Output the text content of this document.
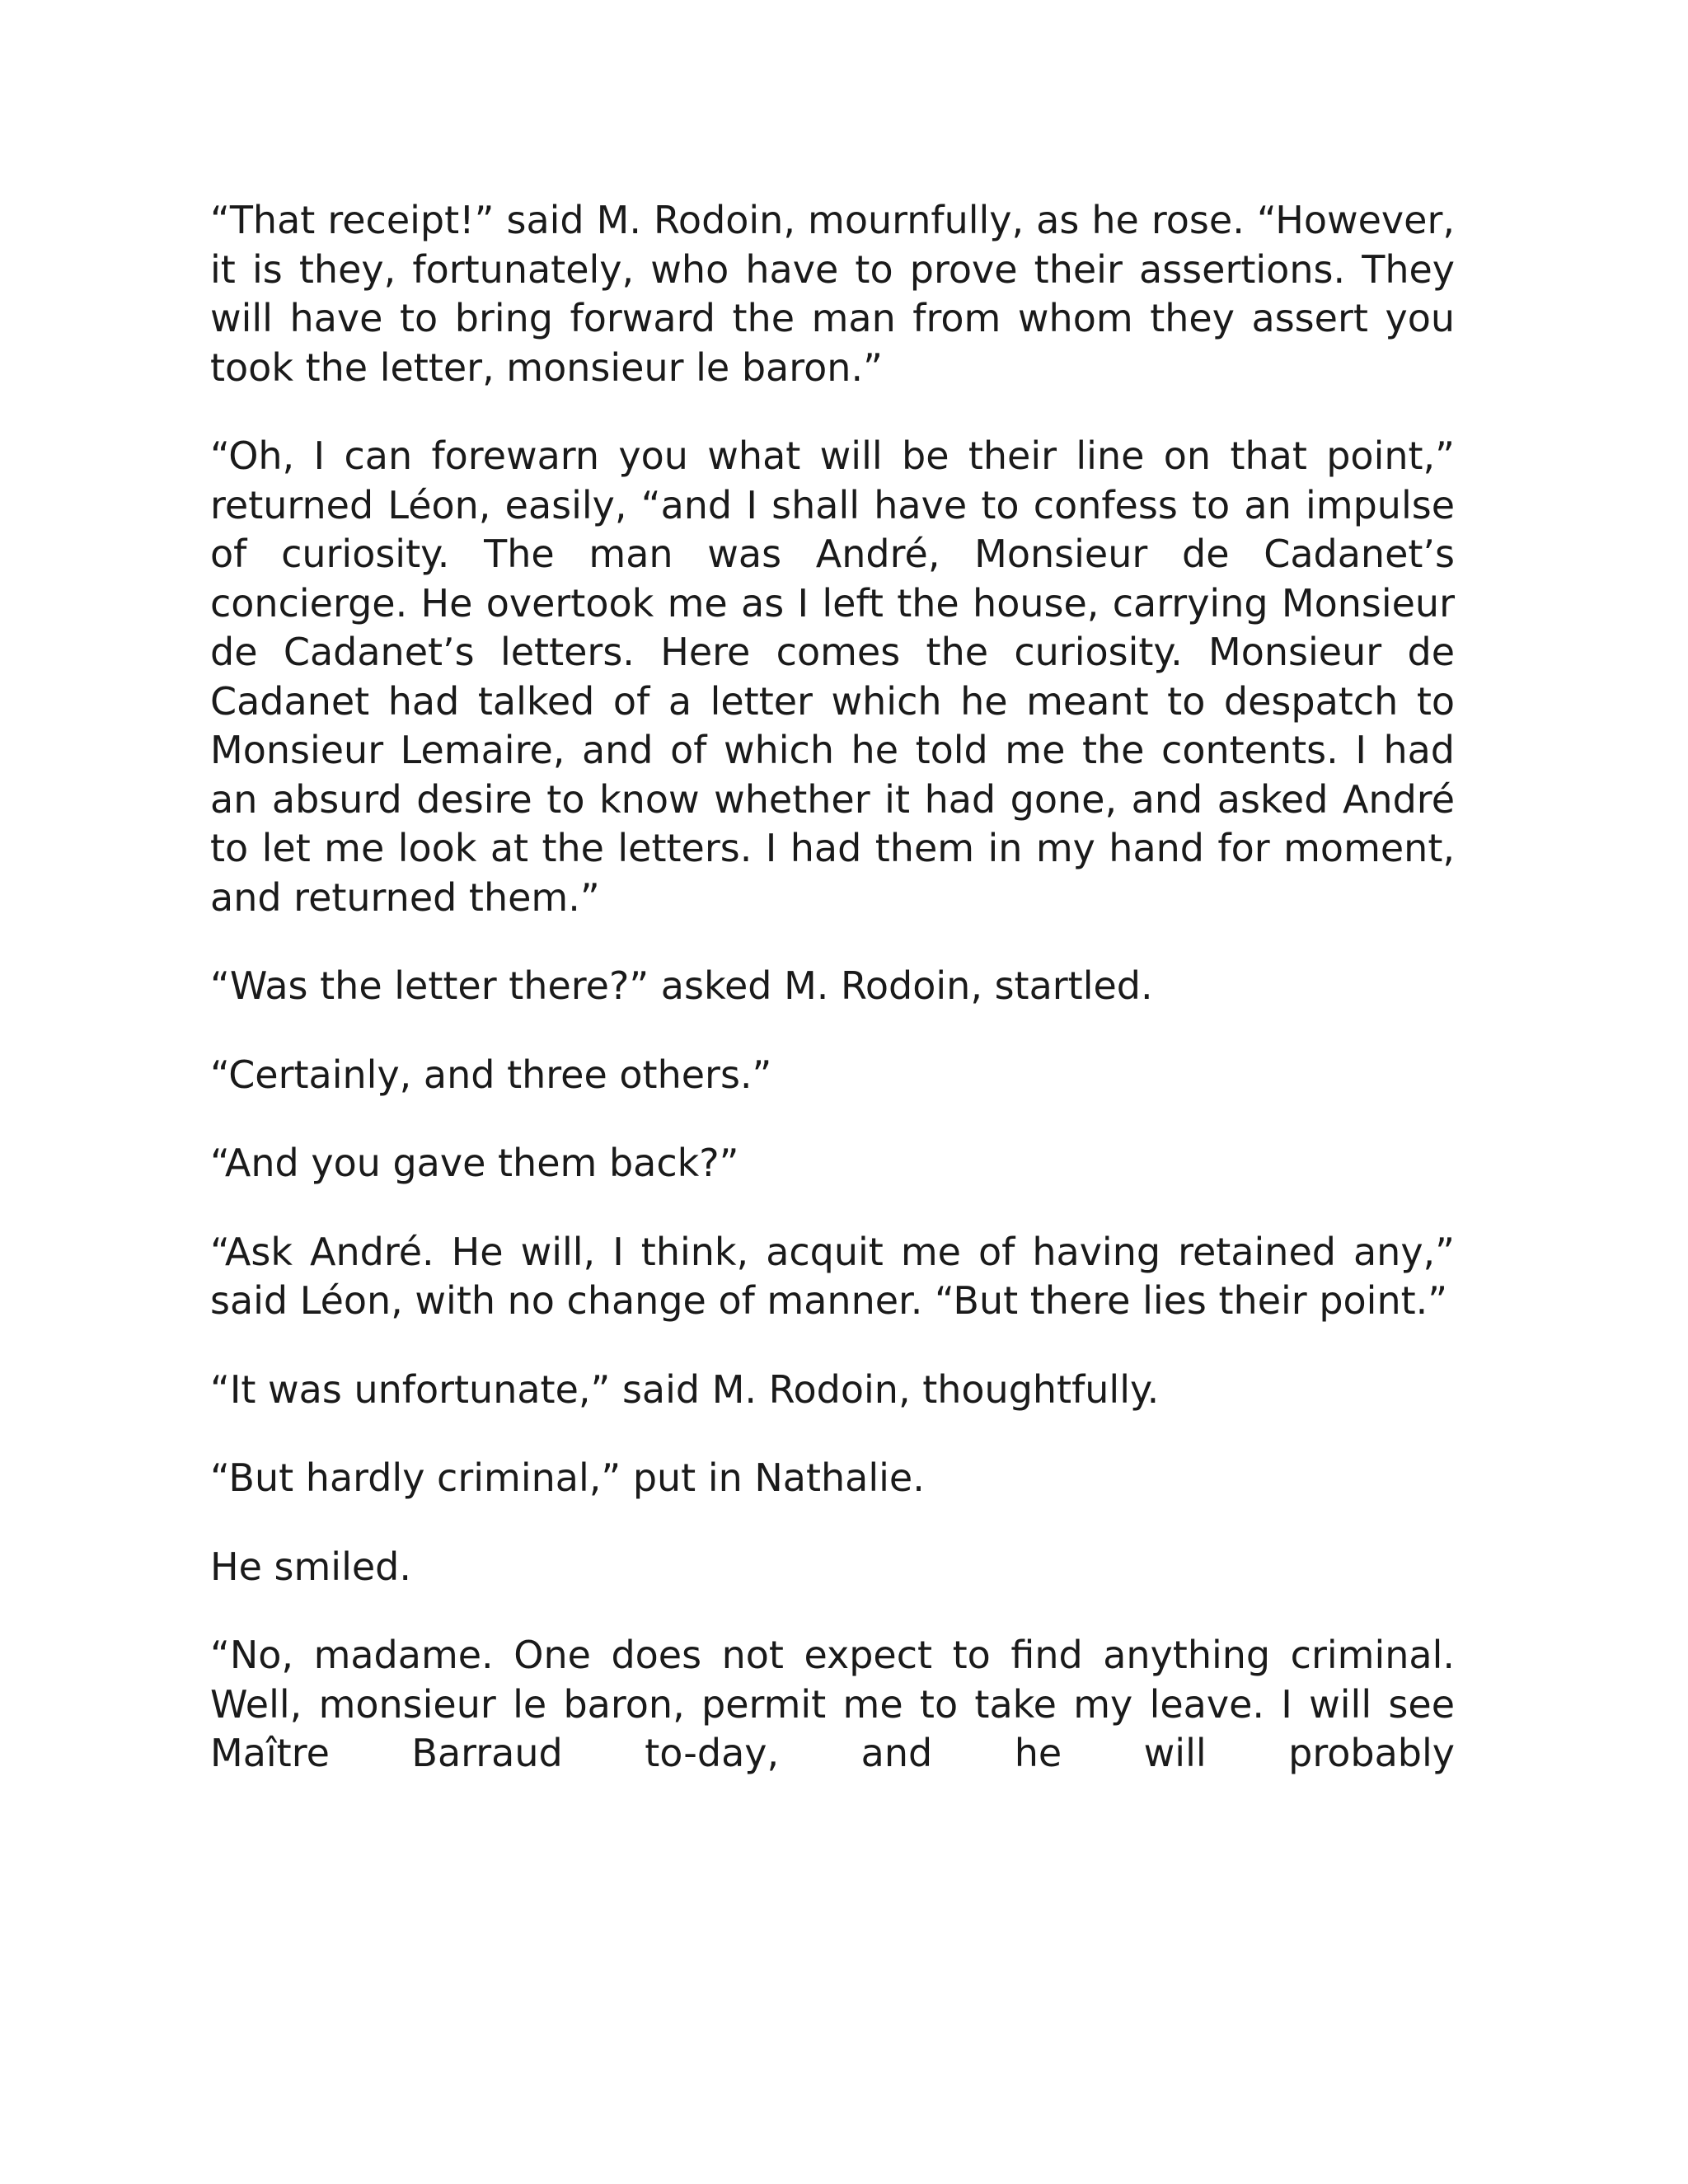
“That receipt!” said M. Rodoin, mournfully, as he rose. “However, it is they, fortunately, who have to prove their assertions. They will have to bring forward the man from whom they assert you took the letter, monsieur le baron.”

“Oh, I can forewarn you what will be their line on that point,” returned Léon, easily, “and I shall have to confess to an impulse of curiosity. The man was André, Monsieur de Cadanet’s concierge. He overtook me as I left the house, carrying Monsieur de Cadanet’s letters. Here comes the curiosity. Monsieur de Cadanet had talked of a letter which he meant to despatch to Monsieur Lemaire, and of which he told me the contents. I had an absurd desire to know whether it had gone, and asked André to let me look at the letters. I had them in my hand for moment, and returned them.”

“Was the letter there?” asked M. Rodoin, startled.

“Certainly, and three others.”

“And you gave them back?”

“Ask André. He will, I think, acquit me of having retained any,” said Léon, with no change of manner. “But there lies their point.”

“It was unfortunate,” said M. Rodoin, thoughtfully.

“But hardly criminal,” put in Nathalie.

He smiled.

“No, madame. One does not expect to find anything criminal. Well, monsieur le baron, permit me to take my leave. I will see Maître Barraud to-day, and he will probably
